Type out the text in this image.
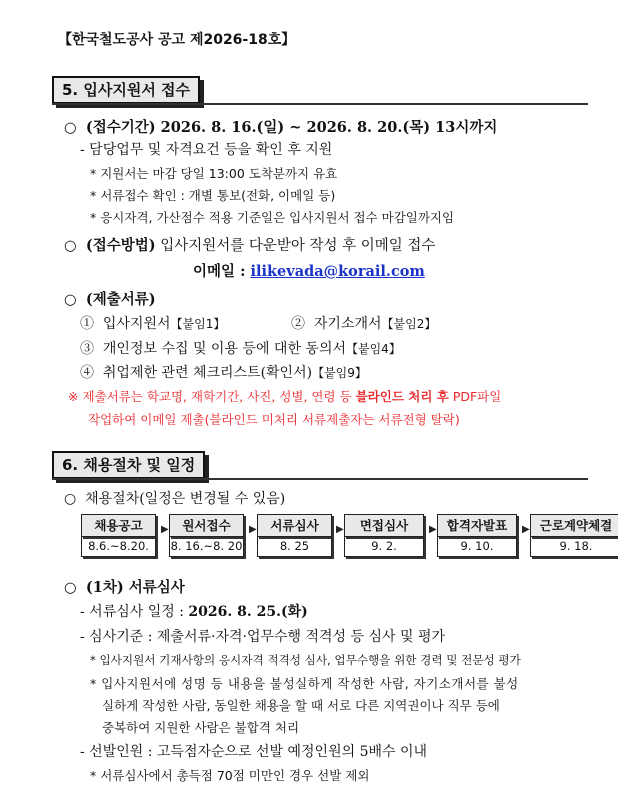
【한국철도공사 공고 제2026-18호】
5. 입사지원서 접수
○  (접수기간) 2026. 8. 16.(일) ~ 2026. 8. 20.(목) 13시까지
- 담당업무 및 자격요건 등을 확인 후 지원
* 지원서는 마감 당일 13:00 도착분까지 유효
* 서류접수 확인 : 개별 통보(전화, 이메일 등)
* 응시자격, 가산점수 적용 기준일은 입사지원서 접수 마감일까지임
○  (접수방법) 입사지원서를 다운받아 작성 후 이메일 접수
이메일 : ilikevada@korail.com
○  (제출서류)
① 입사지원서【붙임1】	② 자기소개서【붙임2】
③ 개인정보 수집 및 이용 등에 대한 동의서【붙임4】
④ 취업제한 관련 체크리스트(확인서)【붙임9】
※ 제출서류는 학교명, 재학기간, 사진, 성별, 연령 등 블라인드 처리 후 PDF파일
작업하여 이메일 제출(블라인드 미처리 서류제출자는 서류전형 탈락)
6. 채용절차 및 일정
○  채용절차(일정은 변경될 수 있음)
채용공고
8.6.~8.20.
▶	원서접수
8. 16.~8. 20
▶	서류심사
8. 25
▶	면접심사
9. 2.
▶ 합격자발표
9. 10.
▶ 근로계약체결
9. 18.
○  (1차) 서류심사
- 서류심사 일정 : 2026. 8. 25.(화)
- 심사기준 : 제출서류·자격·업무수행 적격성 등 심사 및 평가
* 입사지원서 기재사항의 응시자격 적격성 심사, 업무수행을 위한 경력 및 전문성 평가
* 입사지원서에 성명 등 내용을 불성실하게 작성한 사람, 자기소개서를 불성
실하게 작성한 사람, 동일한 채용을 할 때 서로 다른 지역권이나 직무 등에
중복하여 지원한 사람은 불합격 처리
- 선발인원 : 고득점자순으로 선발 예정인원의 5배수 이내
* 서류심사에서 총득점 70점 미만인 경우 선발 제외
